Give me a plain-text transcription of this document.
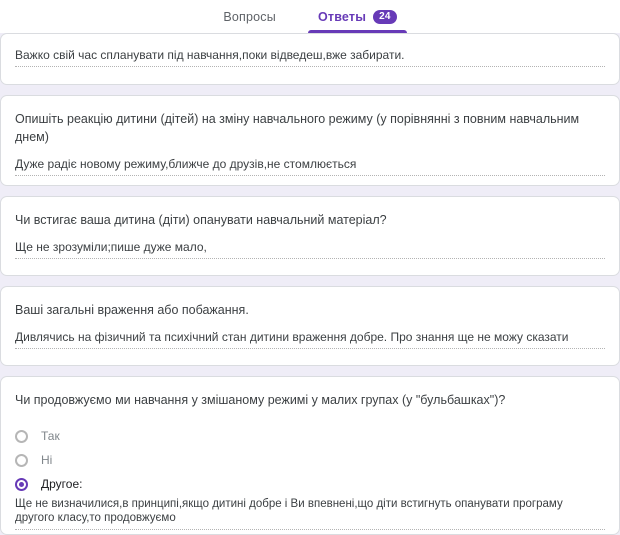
Вопросы	Ответы	24
Важко свій час спланувати під навчання,поки відведеш,вже забирати.
Опишіть реакцію дитини (дітей) на зміну навчального режиму (у порівнянні з повним навчальним днем)
Дуже радіє новому режиму,ближче до друзів,не стомлюється
Чи встигає ваша дитина (діти) опанувати навчальний матеріал?
Ще не зрозуміли;пише дуже мало,
Ваші загальні враження або побажання.
Дивлячись на фізичний та психічний стан дитини враження добре. Про знання ще не можу сказати
Чи продовжуємо ми навчання у змішаному режимі у малих групах (у "бульбашках")?
Так
Ні
Другое:
Ще не визначилися,в принципі,якщо дитині добре і Ви впевнені,що діти встигнуть опанувати програму другого класу,то продовжуємо
